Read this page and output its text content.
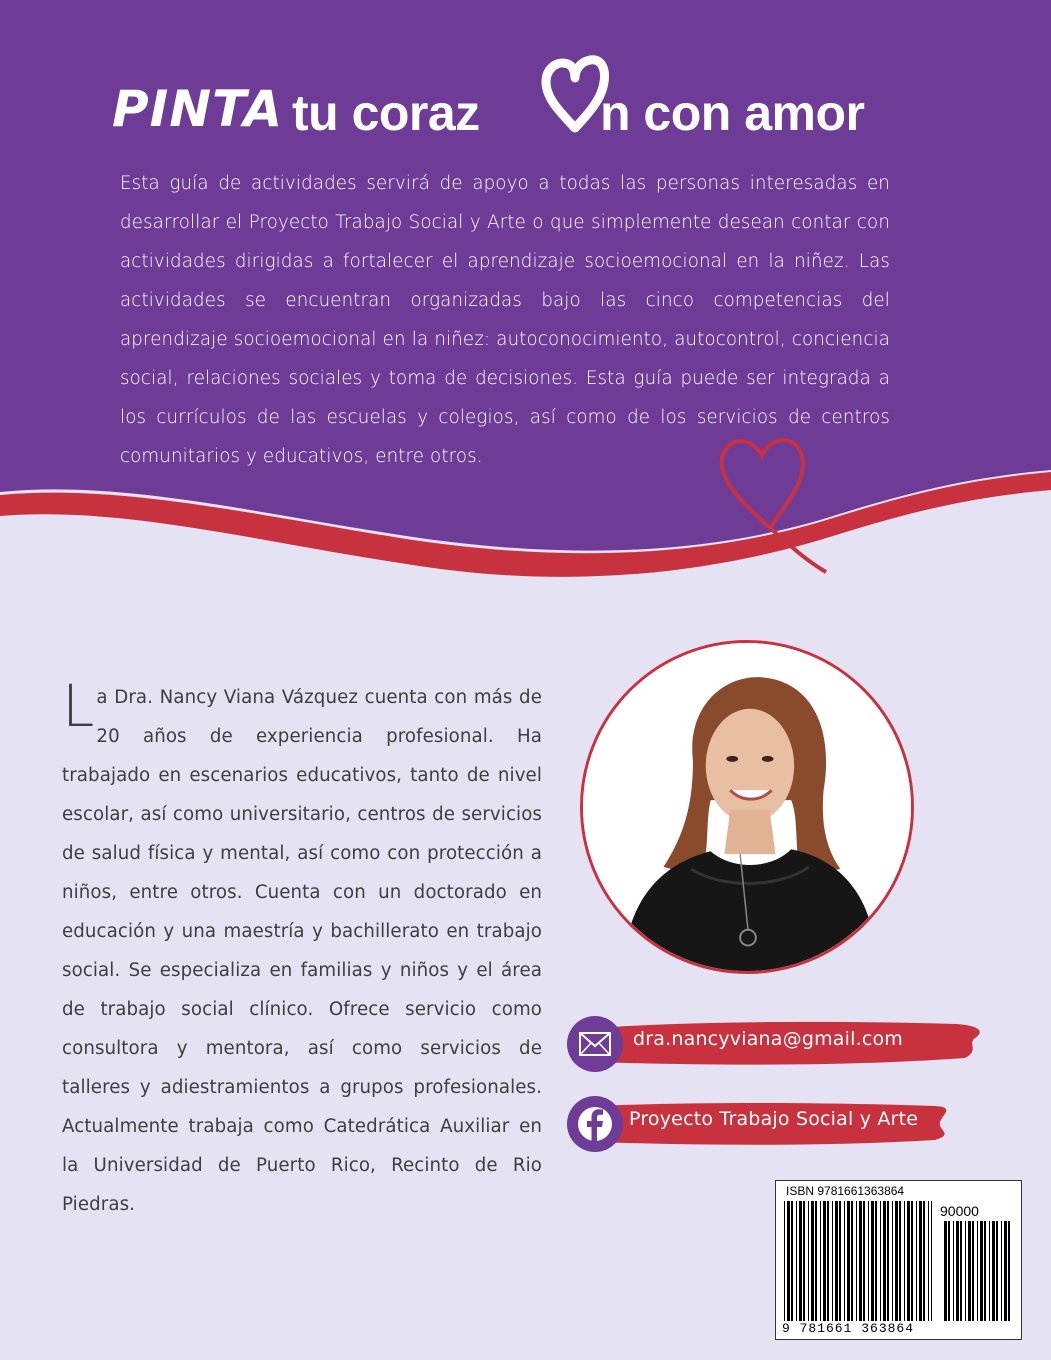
PINTA tu coraz n con amor
Esta guía de actividades servirá de apoyo a todas las personas interesadas en desarrollar el Proyecto Trabajo Social y Arte o que simplemente desean contar con actividades dirigidas a fortalecer el aprendizaje socioemocional en la niñez. Las actividades se encuentran organizadas bajo las cinco competencias del aprendizaje socioemocional en la niñez: autoconocimiento, autocontrol, conciencia social, relaciones sociales y toma de decisiones. Esta guía puede ser integrada a los currículos de las escuelas y colegios, así como de los servicios de centros comunitarios y educativos, entre otros.
La Dra. Nancy Viana Vázquez cuenta con más de 20 años de experiencia profesional. Ha trabajado en escenarios educativos, tanto de nivel escolar, así como universitario, centros de servicios de salud física y mental, así como con protección a niños, entre otros. Cuenta con un doctorado en educación y una maestría y bachillerato en trabajo social. Se especializa en familias y niños y el área de trabajo social clínico. Ofrece servicio como consultora y mentora, así como servicios de talleres y adiestramientos a grupos profesionales. Actualmente trabaja como Catedrática Auxiliar en la Universidad de Puerto Rico, Recinto de Rio Piedras.
dra.nancyviana@gmail.com
Proyecto Trabajo Social y Arte
ISBN 9781661363864
90000
9 781661 363864
